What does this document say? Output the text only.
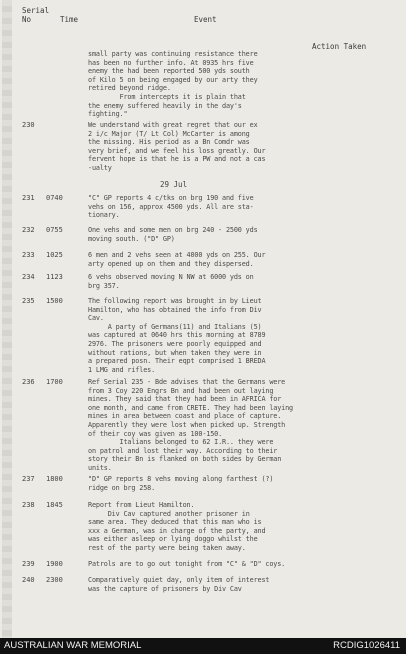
Serial
No	Time	Event
Action Taken
small party was continuing resistance there
has been no further info. At 0935 hrs five
enemy the had been reported 500 yds south
of Kilo 5 on being engaged by our arty they
retired beyond ridge.
From intercepts it is plain that
the enemy suffered heavily in the day's
fighting."
230	We understand with great regret that our ex
2 i/c Major (T/ Lt Col) McCarter is among
the missing. His period as a Bn Comdr was
very brief, and we feel his loss greatly. Our
fervent hope is that he is a PW and not a cas
-ualty
29 Jul
231	0740	"C" GP reports 4 c/tks on brg 190 and five
vehs on 156, approx 4500 yds. All are sta-
tionary.
232	0755	One vehs and some men on brg 240 - 2500 yds
moving south. ("D" GP)
233	1025	6 men and 2 vehs seen at 4000 yds on 255. Our
arty opened up on them and they dispersed.
234	1123	6 vehs observed moving N NW at 6000 yds on
brg 357.
235	1500	The following report was brought in by Lieut
Hamilton, who has obtained the info from Div
Cav.
A party of Germans(11) and Italians (5)
was captured at 0640 hrs this morning at 8789
2976. The prisoners were poorly equipped and
without rations, but when taken they were in
a prepared posn. Their eqpt comprised 1 BREDA
1 LMG and rifles.
236	1700	Ref Serial 235 - Bde advises that the Germans were
from 3 Coy 220 Engrs Bn and had been out laying
mines. They said that they had been in AFRICA for
one month, and came from CRETE. They had been laying
mines in area between coast and place of capture.
Apparently they were lost when picked up. Strength
of their coy was given as 100-150.
Italians belonged to 62 I.R.. they were
on patrol and lost their way. According to their
story their Bn is flanked on both sides by German
units.
237	1800	"D" GP reports 8 vehs moving along farthest (?)
ridge on brg 258.
238	1845	Report from Lieut Hamilton.
Div Cav captured another prisoner in
same area. They deduced that this man who is
xxx a German, was in charge of the party, and
was either asleep or lying doggo whilst the
rest of the party were being taken away.
239	1900	Patrols are to go out tonight from "C" & "D" coys.
240	2300	Comparatively quiet day, only item of interest
was the capture of prisoners by Div Cav
AUSTRALIAN WAR MEMORIAL	RCDIG1026411
